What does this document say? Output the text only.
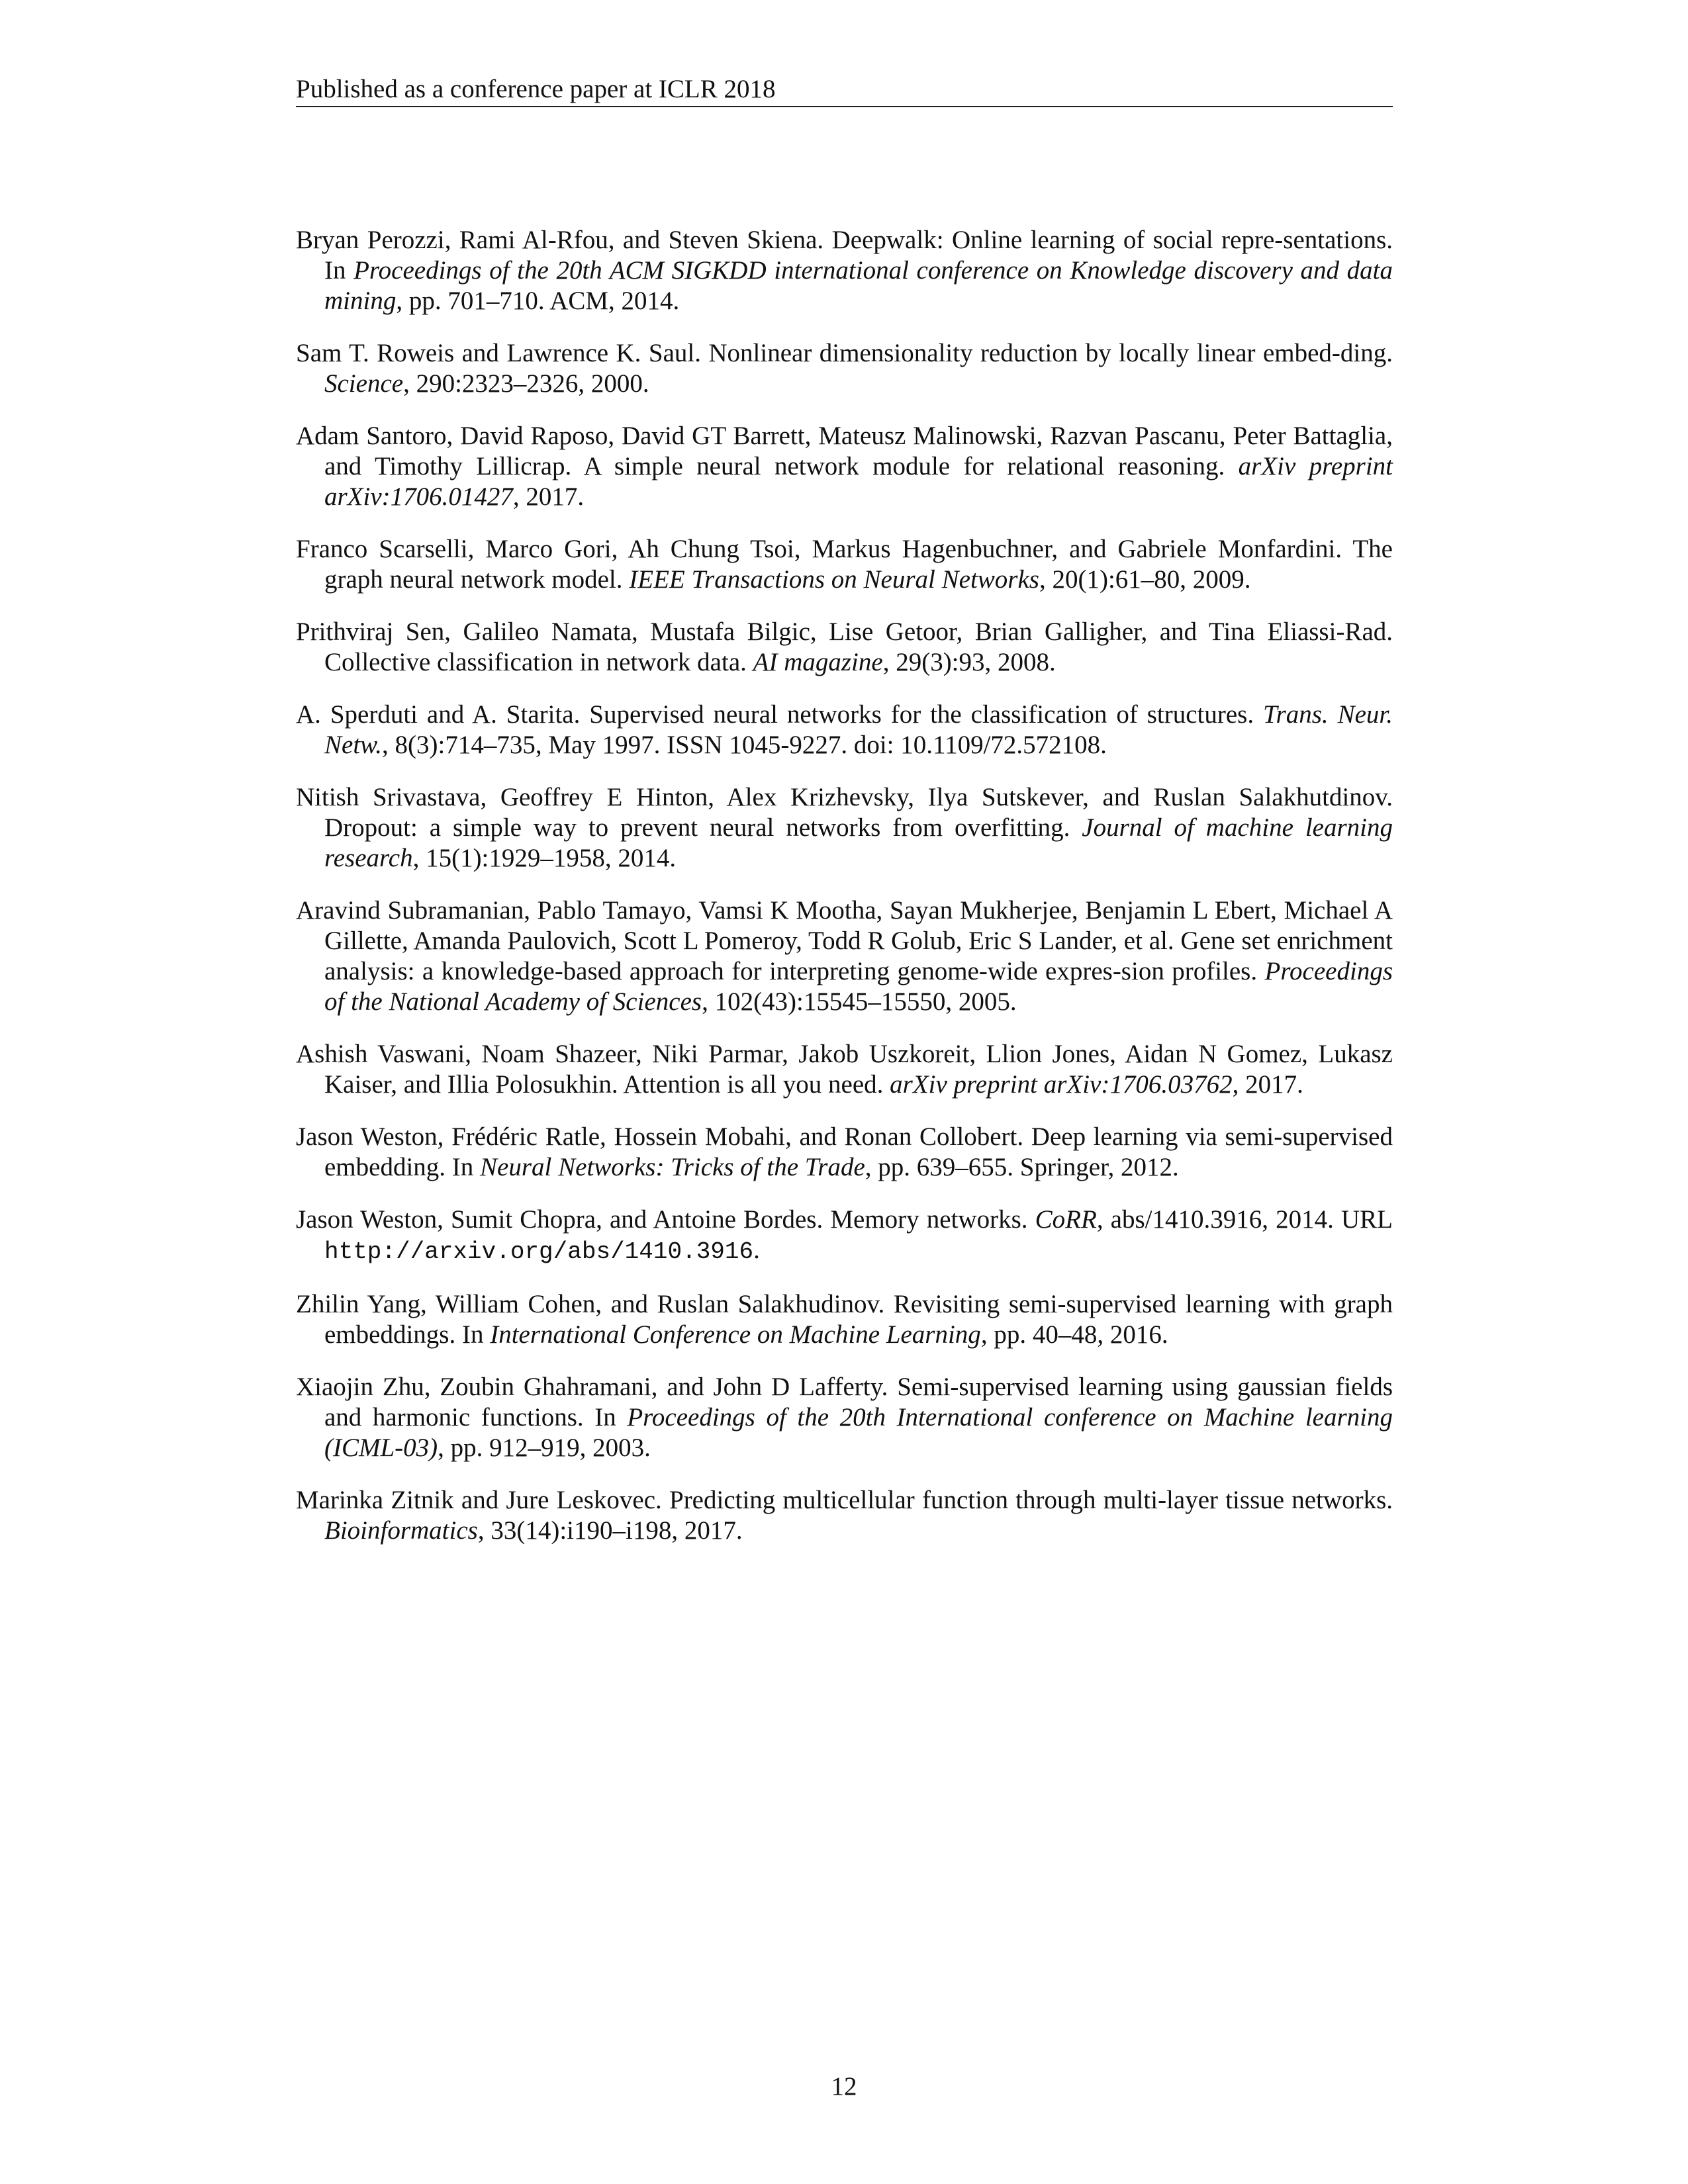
Published as a conference paper at ICLR 2018
Bryan Perozzi, Rami Al-Rfou, and Steven Skiena. Deepwalk: Online learning of social repre-sentations. In Proceedings of the 20th ACM SIGKDD international conference on Knowledge discovery and data mining, pp. 701–710. ACM, 2014.
Sam T. Roweis and Lawrence K. Saul. Nonlinear dimensionality reduction by locally linear embed-ding. Science, 290:2323–2326, 2000.
Adam Santoro, David Raposo, David GT Barrett, Mateusz Malinowski, Razvan Pascanu, Peter Battaglia, and Timothy Lillicrap. A simple neural network module for relational reasoning. arXiv preprint arXiv:1706.01427, 2017.
Franco Scarselli, Marco Gori, Ah Chung Tsoi, Markus Hagenbuchner, and Gabriele Monfardini. The graph neural network model. IEEE Transactions on Neural Networks, 20(1):61–80, 2009.
Prithviraj Sen, Galileo Namata, Mustafa Bilgic, Lise Getoor, Brian Galligher, and Tina Eliassi-Rad. Collective classification in network data. AI magazine, 29(3):93, 2008.
A. Sperduti and A. Starita. Supervised neural networks for the classification of structures. Trans. Neur. Netw., 8(3):714–735, May 1997. ISSN 1045-9227. doi: 10.1109/72.572108.
Nitish Srivastava, Geoffrey E Hinton, Alex Krizhevsky, Ilya Sutskever, and Ruslan Salakhutdinov. Dropout: a simple way to prevent neural networks from overfitting. Journal of machine learning research, 15(1):1929–1958, 2014.
Aravind Subramanian, Pablo Tamayo, Vamsi K Mootha, Sayan Mukherjee, Benjamin L Ebert, Michael A Gillette, Amanda Paulovich, Scott L Pomeroy, Todd R Golub, Eric S Lander, et al. Gene set enrichment analysis: a knowledge-based approach for interpreting genome-wide expres-sion profiles. Proceedings of the National Academy of Sciences, 102(43):15545–15550, 2005.
Ashish Vaswani, Noam Shazeer, Niki Parmar, Jakob Uszkoreit, Llion Jones, Aidan N Gomez, Lukasz Kaiser, and Illia Polosukhin. Attention is all you need. arXiv preprint arXiv:1706.03762, 2017.
Jason Weston, Frédéric Ratle, Hossein Mobahi, and Ronan Collobert. Deep learning via semi-supervised embedding. In Neural Networks: Tricks of the Trade, pp. 639–655. Springer, 2012.
Jason Weston, Sumit Chopra, and Antoine Bordes. Memory networks. CoRR, abs/1410.3916, 2014. URL http://arxiv.org/abs/1410.3916.
Zhilin Yang, William Cohen, and Ruslan Salakhudinov. Revisiting semi-supervised learning with graph embeddings. In International Conference on Machine Learning, pp. 40–48, 2016.
Xiaojin Zhu, Zoubin Ghahramani, and John D Lafferty. Semi-supervised learning using gaussian fields and harmonic functions. In Proceedings of the 20th International conference on Machine learning (ICML-03), pp. 912–919, 2003.
Marinka Zitnik and Jure Leskovec. Predicting multicellular function through multi-layer tissue networks. Bioinformatics, 33(14):i190–i198, 2017.
12
